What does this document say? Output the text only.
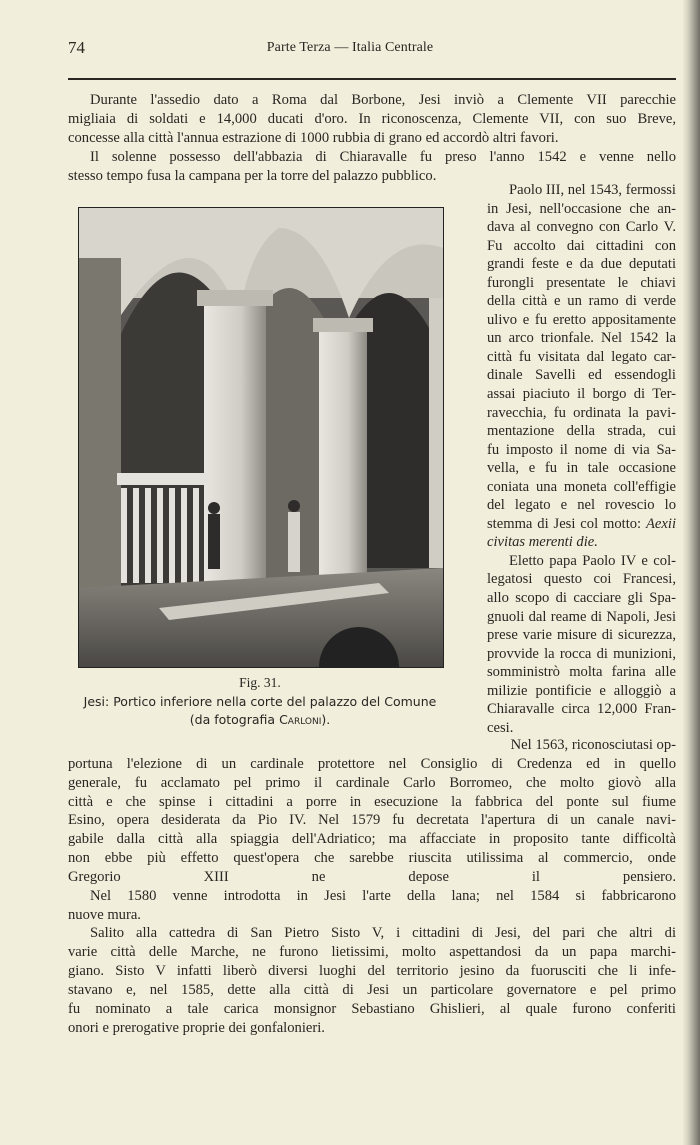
74	Parte Terza — Italia Centrale
Durante l'assedio dato a Roma dal Borbone, Jesi inviò a Clemente VII parecchie
migliaia di soldati e 14,000 ducati d'oro. In riconoscenza, Clemente VII, con suo Breve,
concesse alla città l'annua estrazione di 1000 rubbia di grano ed accordò altri favori.
Il solenne possesso dell'abbazia di Chiaravalle fu preso l'anno 1542 e venne nello
stesso tempo fusa la campana per la torre del palazzo pubblico.
Paolo III, nel 1543, fermossi
in Jesi, nell'occasione che an-
dava al convegno con Carlo V.
Fu accolto dai cittadini con
grandi feste e da due deputati
furongli presentate le chiavi
della città e un ramo di verde
ulivo e fu eretto appositamente
un arco trionfale. Nel 1542 la
città fu visitata dal legato car-
dinale Savelli ed essendogli
assai piaciuto il borgo di Ter-
ravecchia, fu ordinata la pavi-
mentazione della strada, cui
fu imposto il nome di via Sa-
vella, e fu in tale occasione
coniata una moneta coll'effigie
del legato e nel rovescio lo
stemma di Jesi col motto: Aexii
civitas merenti die.
Eletto papa Paolo IV e col-
legatosi questo coi Francesi,
allo scopo di cacciare gli Spa-
gnuoli dal reame di Napoli, Jesi
prese varie misure di sicurezza,
provvide la rocca di munizioni,
somministrò molta farina alle
milizie pontificie e alloggiò a
Chiaravalle circa 12,000 Fran-
cesi.
Nel 1563, riconosciutasi op-
portuna l'elezione di un cardinale protettore nel Consiglio di Credenza ed in quello
generale, fu acclamato pel primo il cardinale Carlo Borromeo, che molto giovò alla
città e che spinse i cittadini a porre in esecuzione la fabbrica del ponte sul fiume
Esino, opera desiderata da Pio IV. Nel 1579 fu decretata l'apertura di un canale navi-
gabile dalla città alla spiaggia dell'Adriatico; ma affacciate in proposito tante difficoltà
non ebbe più effetto quest'opera che sarebbe riuscita utilissima al commercio, onde
Gregorio XIII ne depose il pensiero.
Nel 1580 venne introdotta in Jesi l'arte della lana; nel 1584 si fabbricarono
nuove mura.
Salito alla cattedra di San Pietro Sisto V, i cittadini di Jesi, del pari che altri di
varie città delle Marche, ne furono lietissimi, molto aspettandosi da un papa marchi-
giano. Sisto V infatti liberò diversi luoghi del territorio jesino da fuorusciti che li infe-
stavano e, nel 1585, dette alla città di Jesi un particolare governatore e pel primo
fu nominato a tale carica monsignor Sebastiano Ghislieri, al quale furono conferiti
onori e prerogative proprie dei gonfalonieri.
Fig. 31.
Jesi: Portico inferiore nella corte del palazzo del Comune
(da fotografia Carloni).
